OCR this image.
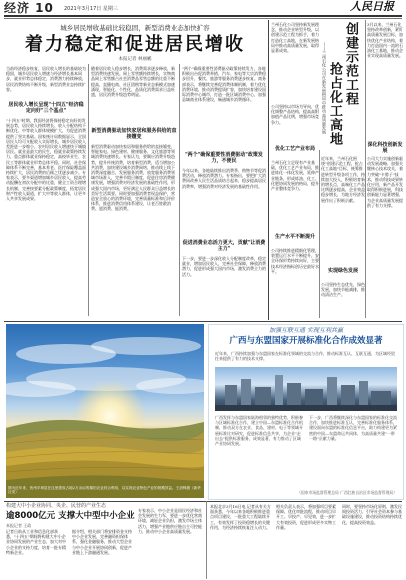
经济 10 2021年3月17日 星期三	人民日报
城乡居民增收基础比较稳固，新型消费业态加快扩容
着力稳定和促进居民增收
本报记者 林丽鹂
当前经济稳步恢复，居民收入增长的基础较为稳固，城乡居民收入增速与经济增长基本同步，就业形势总体稳定，消费潜力持续释放，居民消费结构不断升级，新型消费业态持续扩容。
居民收入增长呈现"十四五"经济稳定向好"三个基点"
"十四五"时期，我国经济将保持稳定向好的发展态势，居民收入持续增长、收入分配结构不断优化、中等收入群体规模扩大，为促进消费提供了坚实基础。国家统计局数据显示，全国居民人均可支配收入实际增长，城乡居民收入差距进一步缩小，农村居民收入增速快于城镇居民。就业是最大的民生，稳就业政策持续发力，重点群体就业保持稳定，高校毕业生、农民工等群体就业形势总体平稳。同时，社会保障体系不断完善，基本养老、医疗保险覆盖面持续扩大，居民消费的后顾之忧逐步减少。专家表示，要多渠道增加城乡居民收入，提高劳动报酬在初次分配中的比重，健全工资合理增长机制，完善按要素分配政策制度，拓宽居民财产性收入渠道，扩大中等收入群体，让更多人共享发展成果。
随着居民收入稳步增长，消费需求逐步释放，新型消费快速发展。网上零售额持续增长，实物商品网上零售额占社会消费品零售总额的比重不断提高，直播电商、社区团购等新业态新模式加速涌现，智能化、个性化、品质化消费需求日益旺盛，居民消费升级趋势明显。
新型消费驱动加快家居和服务供给的直接嬗变
新型消费驱动加快家居和服务供给的直接嬗变，智能家电、绿色建材、健康服务、文化旅游等领域消费快速增长。专家认为，要顺应消费升级趋势，提升传统消费，培育新型消费，适当增加公共消费，加快建设城乡消费网络，推动线上线下消费深度融合，发展服务消费，放宽服务消费领域市场准入，完善节假日制度，促进住房消费健康发展，增强消费对经济发展的基础性作用，形成强大国内市场，更好满足人民群众日益增长的美好生活需要。同时要加强消费者权益保护，营造安全放心的消费环境，完善质量标准和后评价体系，推进消费信用体系建设，让老百姓敢消费、愿消费、能消费。
"两个"确保重要性消费驱动政策持续发力，各地积极出台促消费举措，汽车、家电等大宗消费稳步回升，餐饮、旅游等服务消费逐步恢复。商务部表示，将继续完善促消费体制机制，着力优化消费环境，推动消费提质扩容，加快培育建设国际消费中心城市，打造一批区域消费中心，加强县域商业体系建设，畅通城乡消费循环。
"两个"确保重要性消费驱动"政策发力，不便民
今年以来，各地陆续推出消费季、购物节等促消费活动，释放消费潜力。专家指出，要把扩大消费同改善人民生活品质结合起来，稳步提高居民消费率，增强消费对经济发展的基础性作用。
促进消费业态活力更大，贡献"让消费主力"
下一步，要进一步深化收入分配制度改革，稳定就业，增加居民收入，完善社会保障，释放消费潜力，促进形成强大国内市场，激发消费主力的活力。
兰州石化公司坚持新发展理念，推动企业转型升级，以创建示范工程为抓手，着力打造化工高地，在新发展格局中推动高质量发展，取得显著成效。	创建示范工程
抢占化工高地
——兰州石化公司在新发展格局中推动高质量发展
3月以来，兰州石化坚持改革创新，紧盯高质量发展目标，加快优化产业结构，着力打造国内一流的石油化工基地，推动企业实现高质量发展。
深化科技创新发展
公司大力实施创新驱动发展战略，加强关键核心技术攻关，着力突破"卡脖子"技术，推动科技成果转化应用，新产品开发取得积极进展，科技创新能力显著增强，为企业高质量发展提供了有力支撑。
公司坚持以市场为导向，优化调整产品结构，提高高附加值产品比例，增强市场竞争力。
优化工艺产业布局
兰州石化立足现有产业基础，优化工艺产业布局，推进炼化一体化发展，延伸产业链条，形成炼油、化工、化肥协同发展的格局，提升产业整体竞争力。
生产水平不断提升
公司持续推进精细化管理，装置运行水平不断提升，安全环保形势持续向好，主要技术经济指标创历史最好水平。
近年来，兰州石化围绕"创建示范工程、抢占化工高地"目标，统筹推进转型升级各项工作，持续加大投入，积极培育新的增长点，高端化工产品比例逐步提高，企业效益稳步增长，为地方经济发展作出了积极贡献。
实现绿色发展
公司坚持生态优先、绿色发展，加快节能减排，推动清洁生产。
图为近年来，贵州平坝县在这里建成占地2万余亩的梯田农业综合利用，以实现农业特色产业的规模效益。王剑锋摄（新华社发）
加强互联互通 实现互利共赢
广西与东盟国家开展标准化合作成效显著
近年来，广西持续加强与东盟国家在标准化领域的交流与合作，推动标准互认、互联互通，为区域经贸往来提供了有力的技术支撑。
广西发挥与东盟国家陆海相邻的独特优势，积极参与区域标准化合作，建立中国—东盟标准化合作机制，推动双方在农业、食品、建材、电子等领域开展标准比对研究，促进标准信息共享，为企业"走出去"提供标准服务，成效显著，有力推动了区域产业协同发展。
下一步，广西将继续深化与东盟国家的标准化交流合作，加快推进标准互认，完善标准化服务体系，建设面向东盟的标准化信息平台，助力构建更为紧密的中国—东盟命运共同体，为高质量共建"一带一路"贡献力量。
（国家市场监督管理总局 广西壮族自治区市场监督管理局）
构建大中小企业协同、央企、民营的产业生态
逾8000亿元 支撑大中型中小企业
本报记者 王政
记者日前从工业和信息化部获悉，"十四五"期间将构建大中小企业协同发展的产业生态，加大对中小企业的支持力度，培育一批专精特新企业。
据介绍，相关部门将安排资金支持中小企业发展，完善融资担保体系，强化金融服务，推动大型企业与中小企业开展协同创新，促进产业链上下游融通发展。
专家表示，中小企业是国民经济和社会发展的生力军，要进一步优化营商环境，减轻企业负担，激发市场主体活力，增强产业链供应链自主可控能力，推动中小企业高质量发展。
本报北京3月16日电 记者从有关方面获悉，今年以来各地积极推进重点项目建设，一批重大工程陆续开工，有效发挥了投资稳增长的关键作用，为经济持续恢复注入动力。
相关负责人表示，将加强项目要素保障，优化审批流程，推动项目早开工、早投产、早见效，进一步扩大有效投资，促进形成更多实物工作量。
同时，要坚持市场化原则，激发民间投资活力，引导社会资本参与基础设施建设，推动投资结构持续优化，提高投资效益。
